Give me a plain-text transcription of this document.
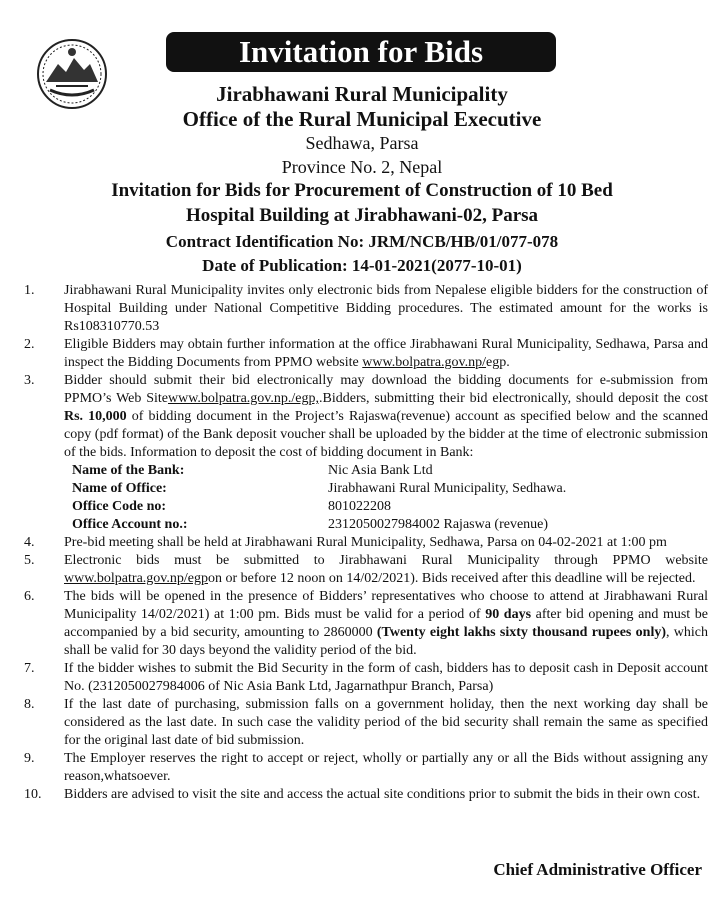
Invitation for Bids
Jirabhawani Rural Municipality
Office of the Rural Municipal Executive
Sedhawa, Parsa
Province No. 2, Nepal
Invitation for Bids for Procurement of Construction of 10 Bed
Hospital Building at Jirabhawani-02, Parsa
Contract Identification No: JRM/NCB/HB/01/077-078
Date of Publication: 14-01-2021(2077-10-01)
1.	Jirabhawani Rural Municipality invites only electronic bids from Nepalese eligible bidders for the construction of Hospital Building under National Competitive Bidding procedures. The estimated amount for the works is Rs108310770.53
2.	Eligible Bidders may obtain further information at the office Jirabhawani Rural Municipality, Sedhawa, Parsa and inspect the Bidding Documents from PPMO website www.bolpatra.gov.np/egp.
3.	Bidder should submit their bid electronically may download the bidding documents for e-submission from PPMO’s Web Sitewww.bolpatra.gov.np./egp,.Bidders, submitting their bid electronically, should deposit the cost Rs. 10,000 of bidding document in the Project’s Rajaswa(revenue) account as specified below and the scanned copy (pdf format) of the Bank deposit voucher shall be uploaded by the bidder at the time of electronic submission of the bids. Information to deposit the cost of bidding document in Bank:
Name of the Bank:	Nic Asia Bank Ltd
Name of Office:	Jirabhawani Rural Municipality, Sedhawa.
Office Code no:	801022208
Office Account no.:	2312050027984002 Rajaswa (revenue)
4.	Pre-bid meeting shall be held at Jirabhawani Rural Municipality, Sedhawa, Parsa on 04-02-2021 at 1:00 pm
5.	Electronic bids must be submitted to Jirabhawani Rural Municipality through PPMO website www.bolpatra.gov.np/egpon or before 12 noon on 14/02/2021). Bids received after this deadline will be rejected.
6.	The bids will be opened in the presence of Bidders’ representatives who choose to attend at Jirabhawani Rural Municipality 14/02/2021) at 1:00 pm. Bids must be valid for a period of 90 days after bid opening and must be accompanied by a bid security, amounting to 2860000 (Twenty eight lakhs sixty thousand rupees only), which shall be valid for 30 days beyond the validity period of the bid.
7.	If the bidder wishes to submit the Bid Security in the form of cash, bidders has to deposit cash in Deposit account No. (2312050027984006 of Nic Asia Bank Ltd, Jagarnathpur Branch, Parsa)
8.	If the last date of purchasing, submission falls on a government holiday, then the next working day shall be considered as the last date. In such case the validity period of the bid security shall remain the same as specified for the original last date of bid submission.
9.	The Employer reserves the right to accept or reject, wholly or partially any or all the Bids without assigning any reason,whatsoever.
10.	Bidders are advised to visit the site and access the actual site conditions prior to submit the bids in their own cost.
Chief Administrative Officer
